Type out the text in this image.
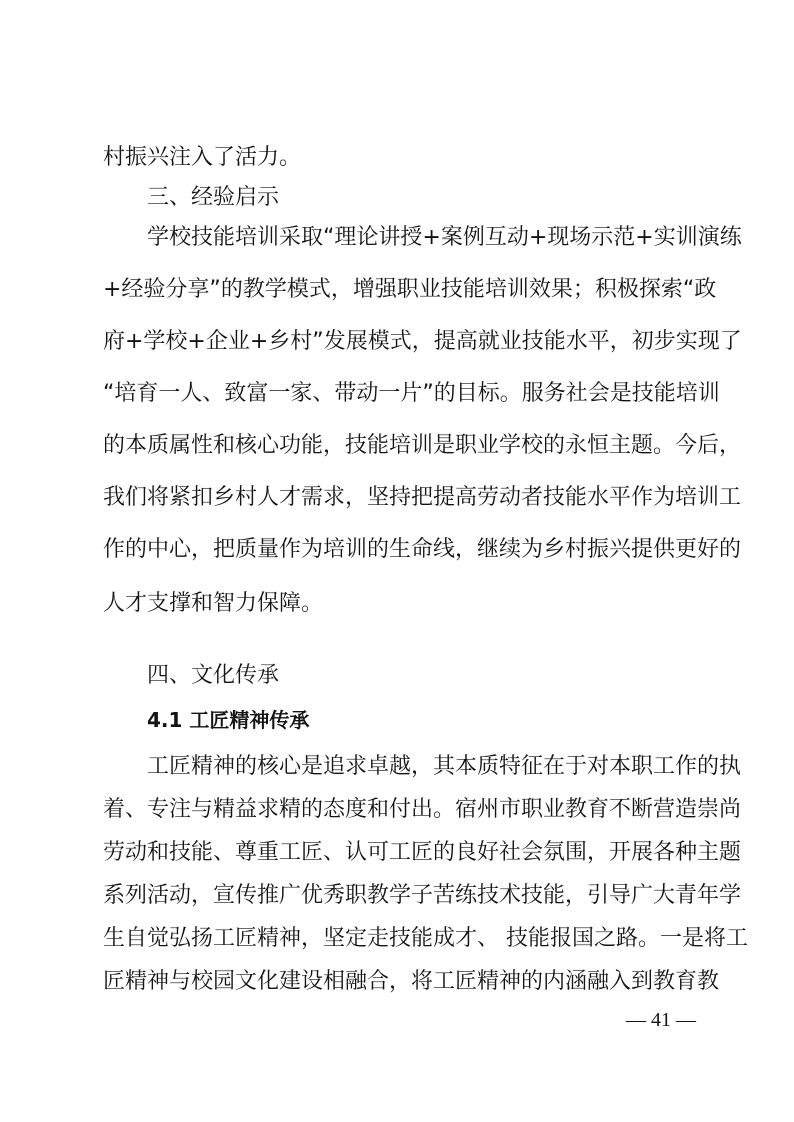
村振兴注入了活力。
三、经验启示
学校技能培训采取“理论讲授+案例互动+现场示范+实训演练
+经验分享”的教学模式，增强职业技能培训效果；积极探索“政
府+学校+企业+乡村”发展模式，提高就业技能水平，初步实现了
“培育一人、致富一家、带动一片”的目标。服务社会是技能培训
的本质属性和核心功能，技能培训是职业学校的永恒主题。今后，
我们将紧扣乡村人才需求，坚持把提高劳动者技能水平作为培训工
作的中心，把质量作为培训的生命线，继续为乡村振兴提供更好的
人才支撑和智力保障。
四、文化传承
4.1 工匠精神传承
工匠精神的核心是追求卓越，其本质特征在于对本职工作的执
着、专注与精益求精的态度和付出。宿州市职业教育不断营造崇尚
劳动和技能、尊重工匠、认可工匠的良好社会氛围，开展各种主题
系列活动，宣传推广优秀职教学子苦练技术技能，引导广大青年学
生自觉弘扬工匠精神，坚定走技能成才、 技能报国之路。一是将工
匠精神与校园文化建设相融合，将工匠精神的内涵融入到教育教
— 41 —
